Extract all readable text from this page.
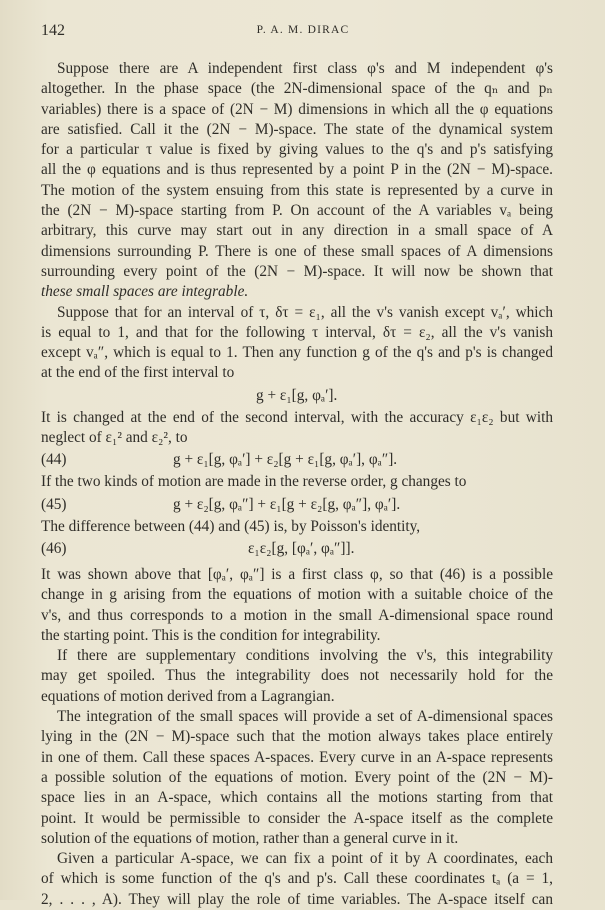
142	P. A. M. DIRAC
Suppose there are A independent first class φ's and M independent φ's
altogether. In the phase space (the 2N-dimensional space of the qₙ and pₙ
variables) there is a space of (2N − M) dimensions in which all the φ equations
are satisfied. Call it the (2N − M)-space. The state of the dynamical system
for a particular τ value is fixed by giving values to the q's and p's satisfying
all the φ equations and is thus represented by a point P in the (2N − M)-space.
The motion of the system ensuing from this state is represented by a curve in
the (2N − M)-space starting from P. On account of the A variables vₐ being
arbitrary, this curve may start out in any direction in a small space of A
dimensions surrounding P. There is one of these small spaces of A dimensions
surrounding every point of the (2N − M)-space. It will now be shown that
these small spaces are integrable.
Suppose that for an interval of τ, δτ = ε₁, all the v's vanish except vₐ′, which
is equal to 1, and that for the following τ interval, δτ = ε₂, all the v's vanish
except vₐ″, which is equal to 1. Then any function g of the q's and p's is changed
at the end of the first interval to
g + ε₁[g, φₐ′].
It is changed at the end of the second interval, with the accuracy ε₁ε₂ but with
neglect of ε₁² and ε₂², to
(44)	g + ε₁[g, φₐ′] + ε₂[g + ε₁[g, φₐ′], φₐ″].
If the two kinds of motion are made in the reverse order, g changes to
(45)	g + ε₂[g, φₐ″] + ε₁[g + ε₂[g, φₐ″], φₐ′].
The difference between (44) and (45) is, by Poisson's identity,
(46)	ε₁ε₂[g, [φₐ′, φₐ″]].
It was shown above that [φₐ′, φₐ″] is a first class φ, so that (46) is a possible
change in g arising from the equations of motion with a suitable choice of the
v's, and thus corresponds to a motion in the small A-dimensional space round
the starting point. This is the condition for integrability.
If there are supplementary conditions involving the v's, this integrability
may get spoiled. Thus the integrability does not necessarily hold for the
equations of motion derived from a Lagrangian.
The integration of the small spaces will provide a set of A-dimensional spaces
lying in the (2N − M)-space such that the motion always takes place entirely
in one of them. Call these spaces A-spaces. Every curve in an A-space represents
a possible solution of the equations of motion. Every point of the (2N − M)-
space lies in an A-space, which contains all the motions starting from that
point. It would be permissible to consider the A-space itself as the complete
solution of the equations of motion, rather than a general curve in it.
Given a particular A-space, we can fix a point of it by A coordinates, each
of which is some function of the q's and p's. Call these coordinates tₐ (a = 1,
2, . . . , A). They will play the role of time variables. The A-space itself can
